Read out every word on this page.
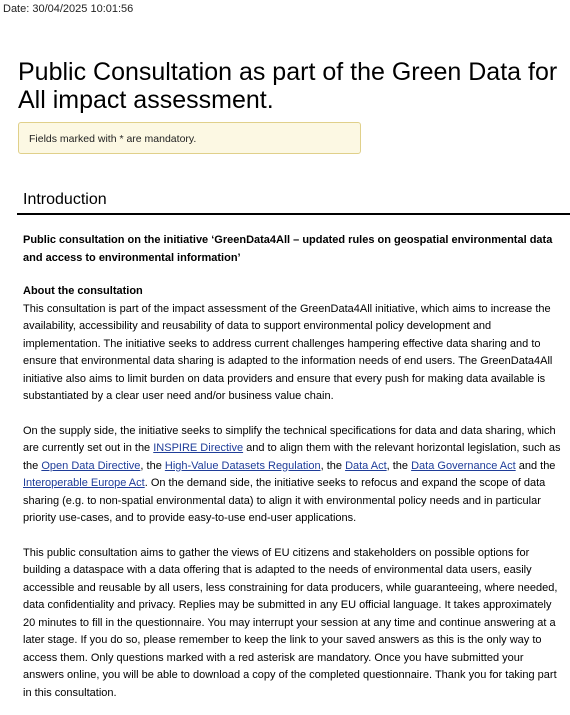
Date: 30/04/2025 10:01:56
Public Consultation as part of the Green Data for All impact assessment.
Fields marked with * are mandatory.
Introduction

Public consultation on the initiative ‘GreenData4All – updated rules on geospatial environmental data and access to environmental information’

About the consultation

This consultation is part of the impact assessment of the GreenData4All initiative, which aims to increase the availability, accessibility and reusability of data to support environmental policy development and implementation. The initiative seeks to address current challenges hampering effective data sharing and to ensure that environmental data sharing is adapted to the information needs of end users. The GreenData4All initiative also aims to limit burden on data providers and ensure that every push for making data available is substantiated by a clear user need and/or business value chain.

On the supply side, the initiative seeks to simplify the technical specifications for data and data sharing, which are currently set out in the INSPIRE Directive and to align them with the relevant horizontal legislation, such as the Open Data Directive, the High-Value Datasets Regulation, the Data Act, the Data Governance Act and the Interoperable Europe Act. On the demand side, the initiative seeks to refocus and expand the scope of data sharing (e.g. to non-spatial environmental data) to align it with environmental policy needs and in particular priority use-cases, and to provide easy-to-use end-user applications.

This public consultation aims to gather the views of EU citizens and stakeholders on possible options for building a dataspace with a data offering that is adapted to the needs of environmental data users, easily accessible and reusable by all users, less constraining for data producers, while guaranteeing, where needed, data confidentiality and privacy. Replies may be submitted in any EU official language. It takes approximately 20 minutes to fill in the questionnaire. You may interrupt your session at any time and continue answering at a later stage. If you do so, please remember to keep the link to your saved answers as this is the only way to access them. Only questions marked with a red asterisk are mandatory. Once you have submitted your answers online, you will be able to download a copy of the completed questionnaire. Thank you for taking part in this consultation.
